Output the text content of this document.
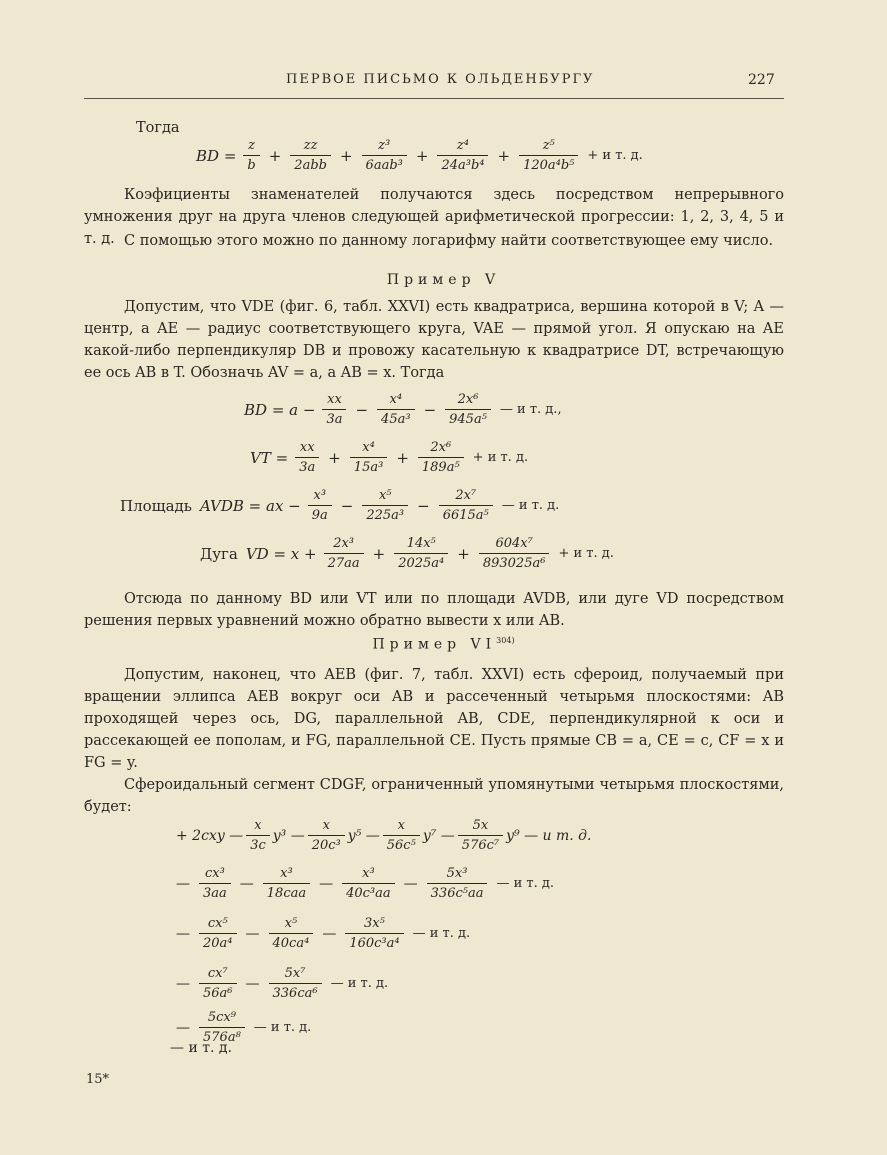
ПЕРВОЕ ПИСЬМО К ОЛЬДЕНБУРГУ	227
Тогда
BD = $\frac{z}{b} + \frac{zz}{\text{2abb}} + \frac{\text{z³}}{\text{6aab³}} + \frac{\text{z⁴}}{\text{24a³b⁴}} + \frac{\text{z⁵}}{\text{120a⁴b⁵}} + и$ т. д.
Коэфициенты знаменателей получаются здесь посредством непрерывного умножения друг на друга членов следующей арифметической прогрессии: 1, 2, 3, 4, 5 и т. д. С помощью этого можно по данному логарифму найти соответствующее ему число.
Пример V
Допустим, что VDE (фиг. 6, табл. XXVI) есть квадратриса, вершина которой в V; A — центр, а AE — радиус соответствующего круга, VAE — прямой угол. Я опускаю на AE какой-либо перпендикуляр DB и провожу касательную к квадратрисе DT, встречающую ее ось AB в T. Обозначь AV = a, а AB = x. Тогда
BD = $a - \frac{xx}{3a} - \frac{\text{x⁴}}{\text{45a³}} - \frac{\text{2x⁶}}{\text{945a⁵}}$ — и т. д.,
VT = $\frac{xx}{3a} + \frac{\text{x⁴}}{\text{15a³}} + \frac{\text{2x⁶}}{\text{189a⁵}} + и$ т. д.
Площадь AVDB = ax − $\frac{\text{x³}}{9a} - \frac{\text{x⁵}}{\text{225a³}} - \frac{\text{2x⁷}}{\text{6615a⁵}}$ — и т. д.
Дуга VD = $x + \frac{\text{2x³}}{27aa} + \frac{\text{14x⁵}}{\text{2025a⁴}} + \frac{\text{604x⁷}}{\text{893025a⁶}} + и$ т. д.
Отсюда по данному BD или VT или по площади AVDB, или дуге VD посредством решения первых уравнений можно обратно вывести x или AB.
Пример VI$^{304)}$
Допустим, наконец, что AEB (фиг. 7, табл. XXVI) есть сфероид, получаемый при вращении эллипса AEB вокруг оси AB и рассеченный четырьмя плоскостями: AB проходящей через ось, DG, параллельной AB, CDE, перпендикулярной к оси и рассекающей ее пополам, и FG, параллельной CE. Пусть прямые CB = a, CE = c, CF = x и FG = y.
Сфероидальный сегмент CDGF, ограниченный упомянутыми четырьмя плоскостями, будет:
+ 2cxy — $\frac{x}{3c} y^3$ — $\frac{x}{\text{20c³}} y^5$ — $\frac{x}{\text{56c⁵}} y^7$ — $\frac{5x}{\text{576c⁷}} y^9$ — и т. д.
— $\frac{\text{cx³}}{3aa}$ — $\frac{\text{x³}}{\text{18caa}}$ — $\frac{\text{x³}}{\text{40c³aa}}$ — $\frac{\text{5x³}}{\text{336c⁵aa}}$ — и т. д.
— $\frac{\text{cx⁵}}{\text{20a⁴}}$ — $\frac{\text{x⁵}}{\text{40ca⁴}}$ — $\frac{\text{3x⁵}}{\text{160c³a⁴}}$ — и т. д.
— $\frac{\text{cx⁷}}{\text{56a⁶}}$ — $\frac{\text{5x⁷}}{\text{336ca⁶}}$ — и т. д.
— $\frac{\text{5cx⁹}}{\text{576a⁸}}$ — и т. д.
— и т. д.
15*
